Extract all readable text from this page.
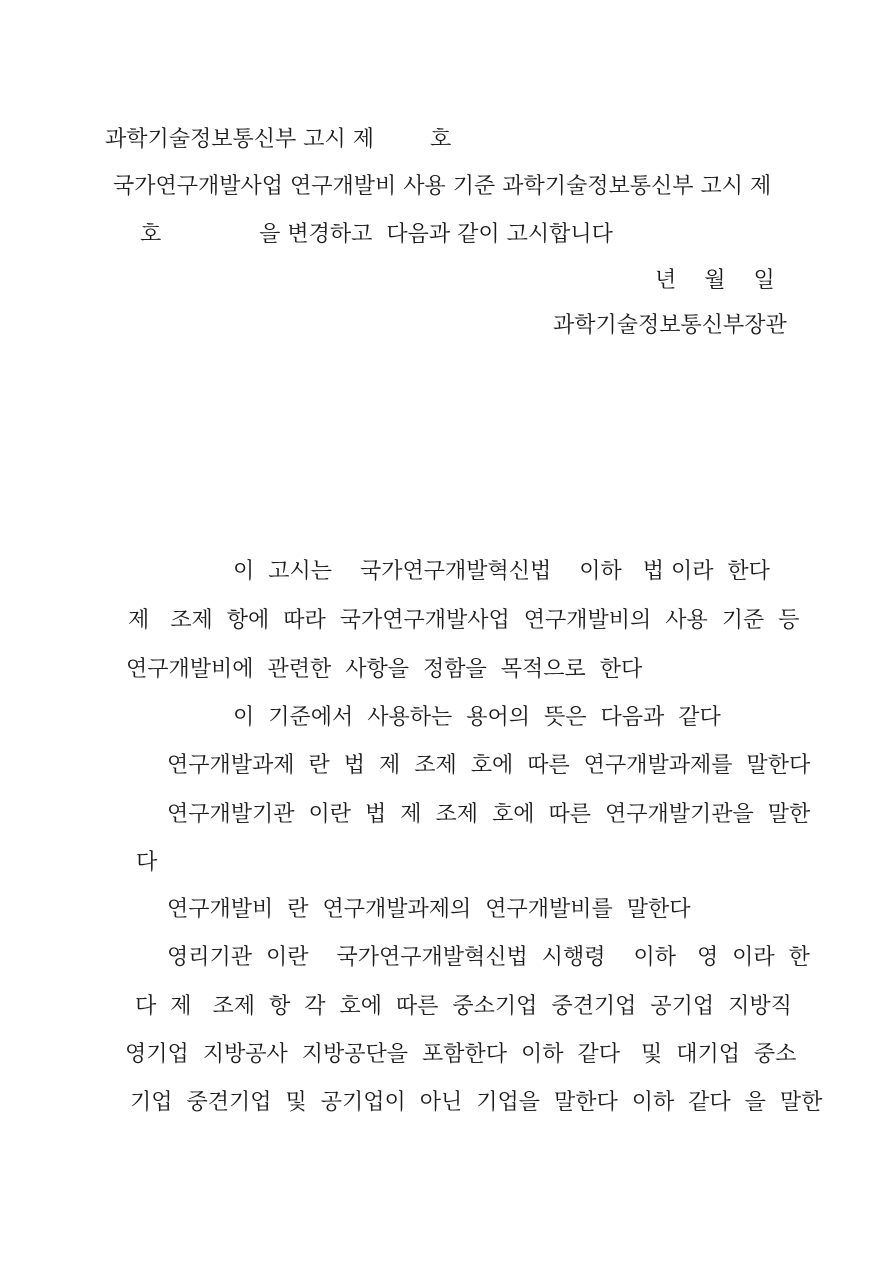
과학기술정보통신부 고시 제        호
국가연구개발사업 연구개발비 사용 기준 과학기술정보통신부 고시 제
호              을 변경하고  다음과 같이 고시합니다
년    월    일
과학기술정보통신부장관
이  고시는    국가연구개발혁신법    이하   법 이라  한다
제   조제  항에  따라  국가연구개발사업  연구개발비의  사용  기준  등
연구개발비에  관련한  사항을  정함을  목적으로  한다
이  기준에서  사용하는  용어의  뜻은  다음과  같다
연구개발과제  란  법  제  조제  호에  따른  연구개발과제를  말한다
연구개발기관  이란  법  제  조제  호에  따른  연구개발기관을  말한
다
연구개발비  란  연구개발과제의  연구개발비를  말한다
영리기관  이란    국가연구개발혁신법  시행령    이하   영  이라  한
다  제   조제  항  각  호에  따른  중소기업  중견기업  공기업  지방직
영기업  지방공사  지방공단을  포함한다  이하  같다   및  대기업  중소
기업  중견기업  및  공기업이  아닌  기업을  말한다  이하  같다  을  말한
